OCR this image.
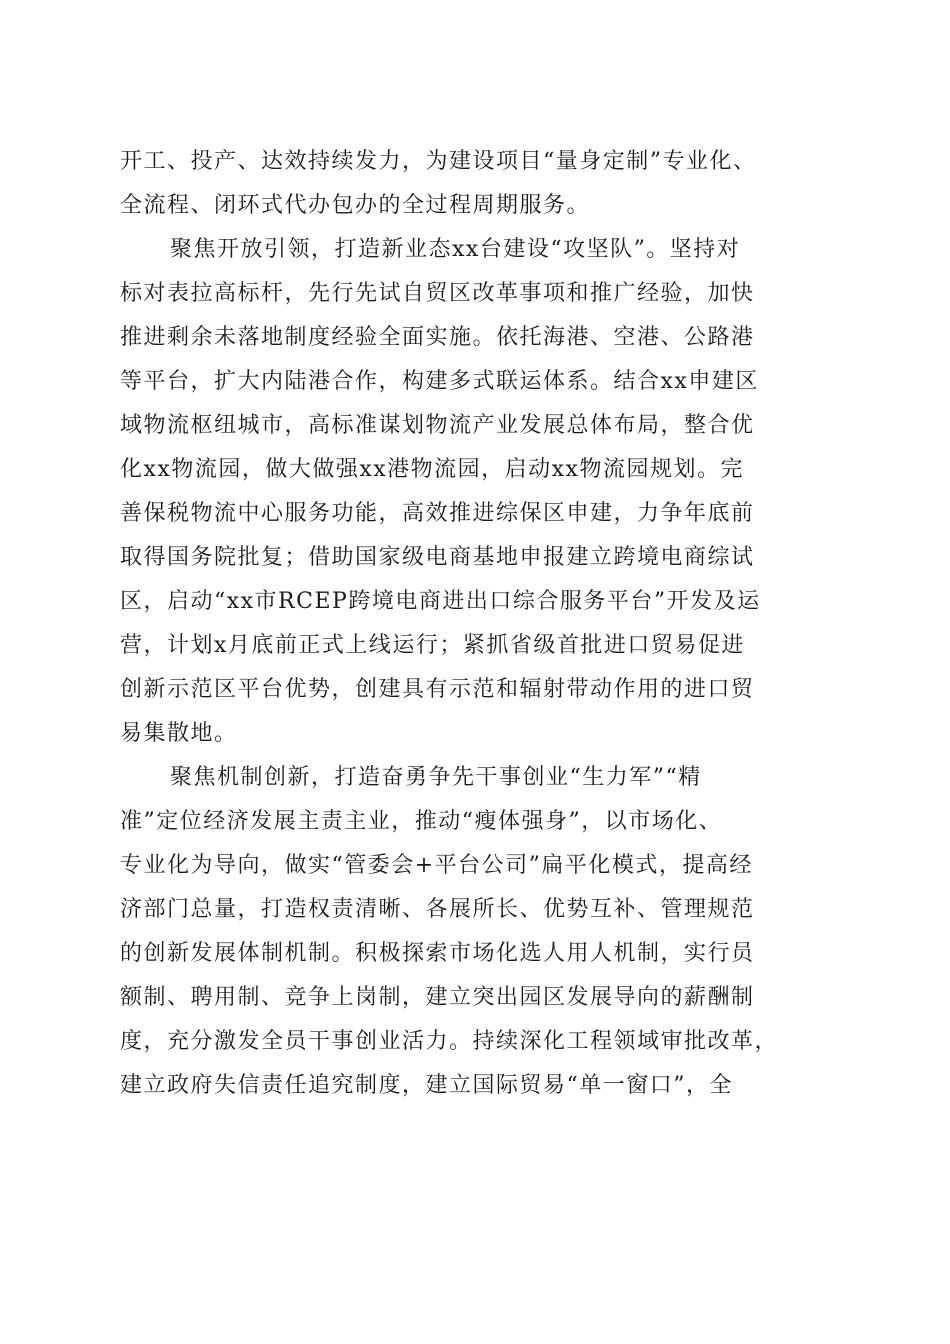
开工、投产、达效持续发力，为建设项目“量身定制”专业化、
全流程、闭环式代办包办的全过程周期服务。
聚焦开放引领，打造新业态xx台建设“攻坚队”。坚持对
标对表拉高标杆，先行先试自贸区改革事项和推广经验，加快
推进剩余未落地制度经验全面实施。依托海港、空港、公路港
等平台，扩大内陆港合作，构建多式联运体系。结合xx申建区
域物流枢纽城市，高标准谋划物流产业发展总体布局，整合优
化xx物流园，做大做强xx港物流园，启动xx物流园规划。完
善保税物流中心服务功能，高效推进综保区申建，力争年底前
取得国务院批复；借助国家级电商基地申报建立跨境电商综试
区，启动“xx市RCEP跨境电商进出口综合服务平台”开发及运
营，计划x月底前正式上线运行；紧抓省级首批进口贸易促进
创新示范区平台优势，创建具有示范和辐射带动作用的进口贸
易集散地。
聚焦机制创新，打造奋勇争先干事创业“生力军”“精
准”定位经济发展主责主业，推动“瘦体强身”，以市场化、
专业化为导向，做实“管委会+平台公司”扁平化模式，提高经
济部门总量，打造权责清晰、各展所长、优势互补、管理规范
的创新发展体制机制。积极探索市场化选人用人机制，实行员
额制、聘用制、竞争上岗制，建立突出园区发展导向的薪酬制
度，充分激发全员干事创业活力。持续深化工程领域审批改革，
建立政府失信责任追究制度，建立国际贸易“单一窗口”，全
